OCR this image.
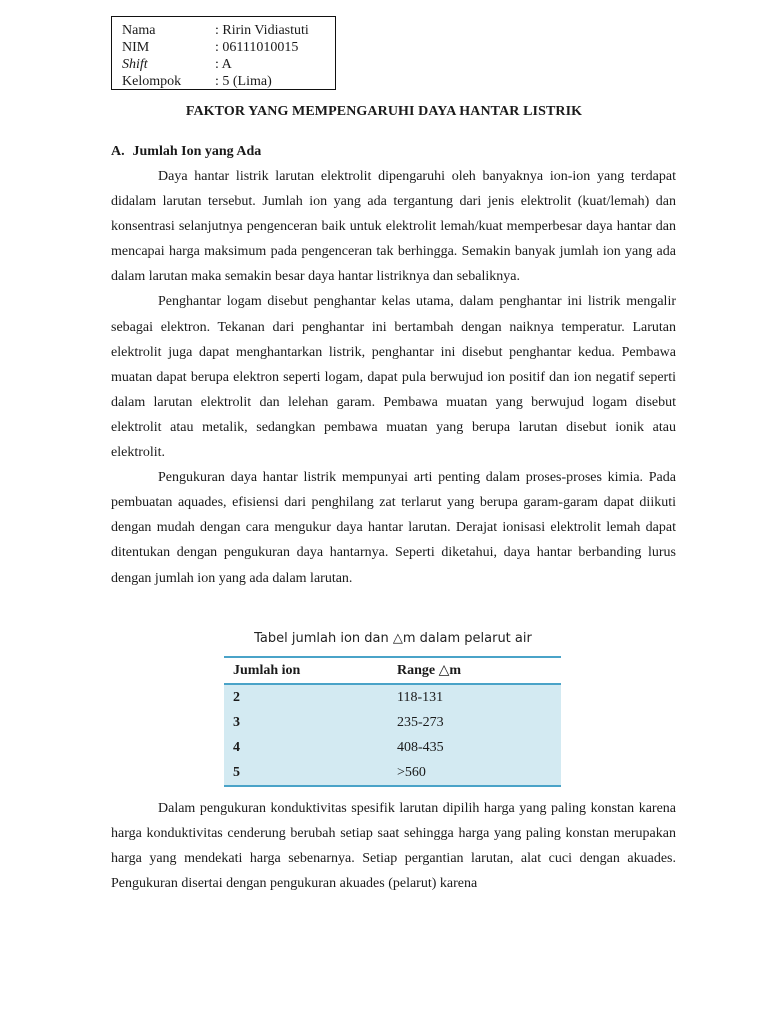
Nama	: Ririn Vidiastuti
NIM	: 06111010015
Shift	: A
Kelompok	: 5 (Lima)
FAKTOR YANG MEMPENGARUHI DAYA HANTAR LISTRIK
A. Jumlah Ion yang Ada

Daya hantar listrik larutan elektrolit dipengaruhi oleh banyaknya ion-ion yang terdapat didalam larutan tersebut. Jumlah ion yang ada tergantung dari jenis elektrolit (kuat/lemah) dan konsentrasi selanjutnya pengenceran baik untuk elektrolit lemah/kuat memperbesar daya hantar dan mencapai harga maksimum pada pengenceran tak berhingga. Semakin banyak jumlah ion yang ada dalam larutan maka semakin besar daya hantar listriknya dan sebaliknya.

Penghantar logam disebut penghantar kelas utama, dalam penghantar ini listrik mengalir sebagai elektron. Tekanan dari penghantar ini bertambah dengan naiknya temperatur. Larutan elektrolit juga dapat menghantarkan listrik, penghantar ini disebut penghantar kedua. Pembawa muatan dapat berupa elektron seperti logam, dapat pula berwujud ion positif dan ion negatif seperti dalam larutan elektrolit dan lelehan garam. Pembawa muatan yang berwujud logam disebut elektrolit atau metalik, sedangkan pembawa muatan yang berupa larutan disebut ionik atau elektrolit.

Pengukuran daya hantar listrik mempunyai arti penting dalam proses-proses kimia. Pada pembuatan aquades, efisiensi dari penghilang zat terlarut yang berupa garam-garam dapat diikuti dengan mudah dengan cara mengukur daya hantar larutan. Derajat ionisasi elektrolit lemah dapat ditentukan dengan pengukuran daya hantarnya. Seperti diketahui, daya hantar berbanding lurus dengan jumlah ion yang ada dalam larutan.

Tabel jumlah ion dan △m dalam pelarut air
Jumlah ion	Range △m
2	118-131
3	235-273
4	408-435
5	>560

Dalam pengukuran konduktivitas spesifik larutan dipilih harga yang paling konstan karena harga konduktivitas cenderung berubah setiap saat sehingga harga yang paling konstan merupakan harga yang mendekati harga sebenarnya. Setiap pergantian larutan, alat cuci dengan akuades. Pengukuran disertai dengan pengukuran akuades (pelarut) karena
